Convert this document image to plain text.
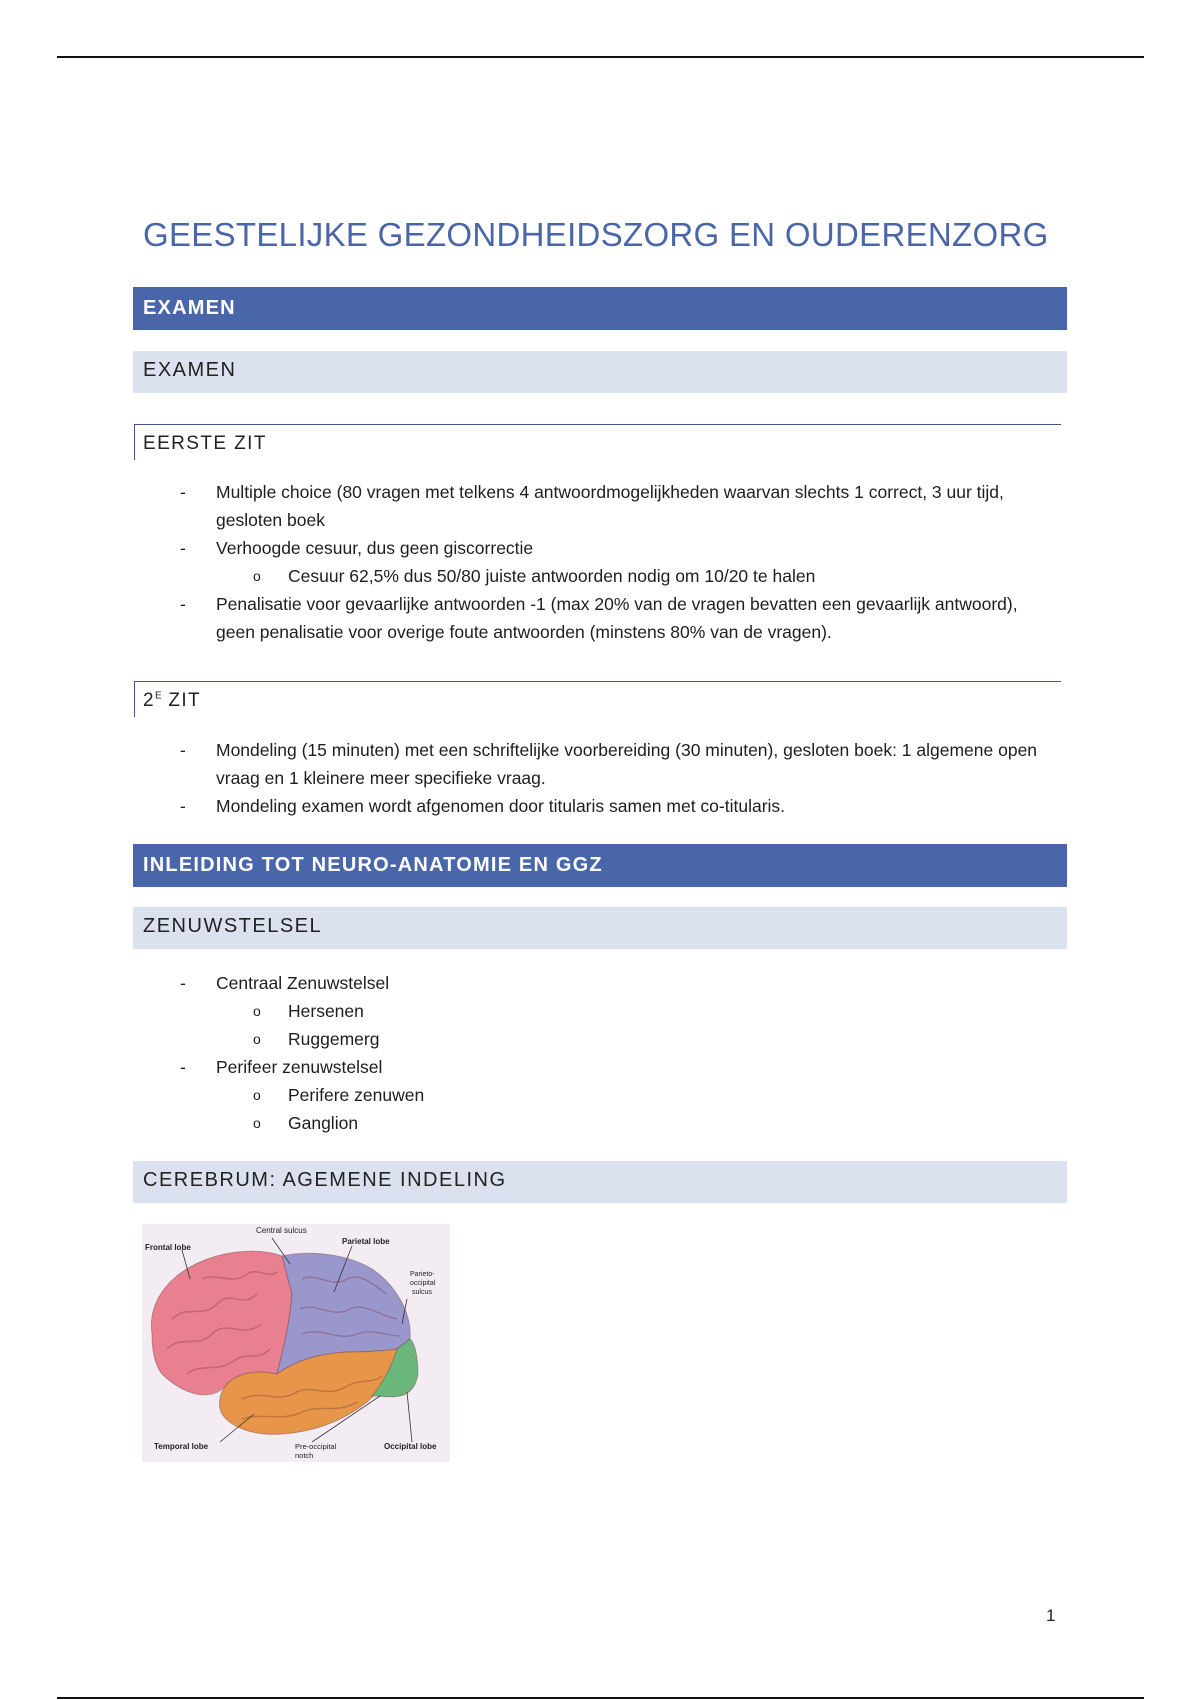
GEESTELIJKE GEZONDHEIDSZORG EN OUDERENZORG
EXAMEN
EXAMEN
EERSTE ZIT
- Multiple choice (80 vragen met telkens 4 antwoordmogelijkheden waarvan slechts 1 correct, 3 uur tijd, gesloten boek
- Verhoogde cesuur, dus geen giscorrectie
o Cesuur 62,5% dus 50/80 juiste antwoorden nodig om 10/20 te halen
- Penalisatie voor gevaarlijke antwoorden -1 (max 20% van de vragen bevatten een gevaarlijk antwoord), geen penalisatie voor overige foute antwoorden (minstens 80% van de vragen).
$2^E$ ZIT
- Mondeling (15 minuten) met een schriftelijke voorbereiding (30 minuten), gesloten boek: 1 algemene open vraag en 1 kleinere meer specifieke vraag.
- Mondeling examen wordt afgenomen door titularis samen met co-titularis.
INLEIDING TOT NEURO-ANATOMIE EN GGZ
ZENUWSTELSEL
- Centraal Zenuwstelsel
o Hersenen
o Ruggemerg
- Perifeer zenuwstelsel
o Perifere zenuwen
o Ganglion
CEREBRUM: AGEMENE INDELING
Central sulcus
Frontal lobe
Parietal lobe
Parieto-
occipital
sulcus
Temporal lobe	Pre-occipital
notch
Occipital lobe
1
